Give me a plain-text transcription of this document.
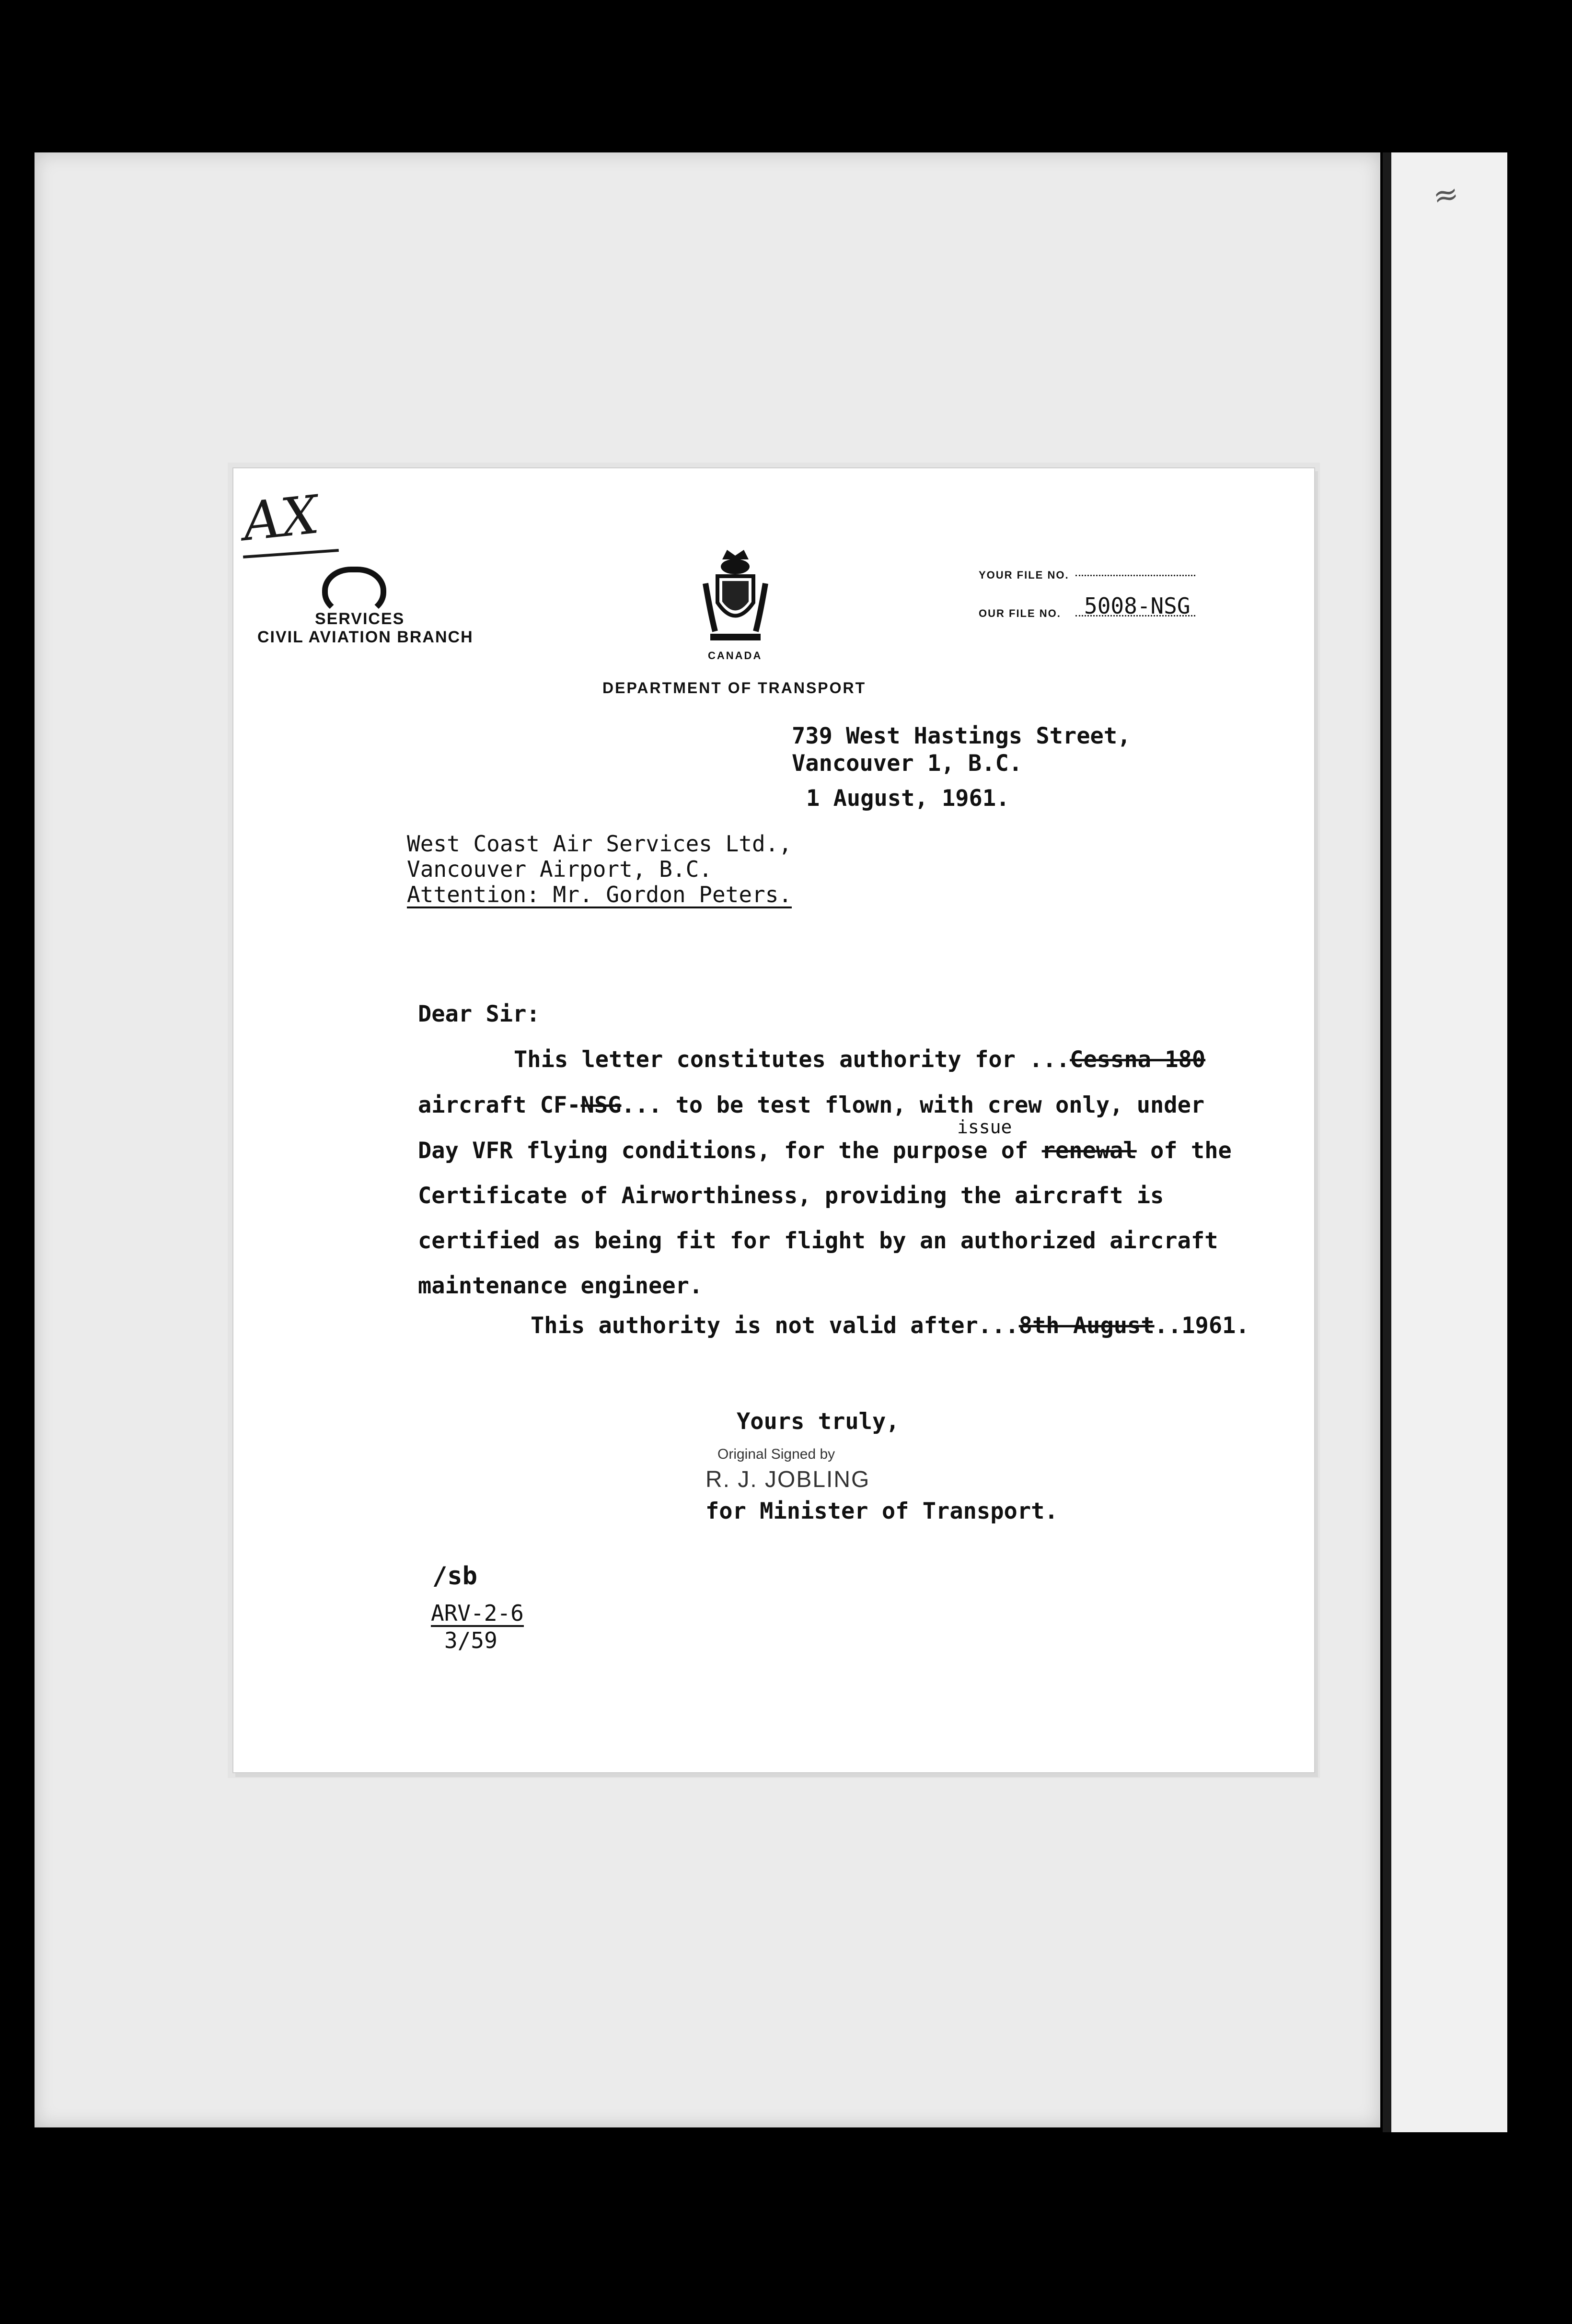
≈
AX
SERVICES
CIVIL AVIATION BRANCH
CANADA
DEPARTMENT OF TRANSPORT
YOUR FILE NO.
OUR FILE NO. 5008-NSG
739 West Hastings Street,
Vancouver 1, B.C.
1 August, 1961.
West Coast Air Services Ltd.,
Vancouver Airport, B.C.
Attention: Mr. Gordon Peters.
Dear Sir:
This letter constitutes authority for ...Cessna 180
aircraft CF-NSG... to be test flown, with crew only, under
issue
Day VFR flying conditions, for the purpose of renewal of the
Certificate of Airworthiness, providing the aircraft is
certified as being fit for flight by an authorized aircraft
maintenance engineer.
This authority is not valid after...8th August..1961.
Yours truly,
Original Signed by
R. J. JOBLING
for Minister of Transport.
/sb
ARV-2-6
3/59
